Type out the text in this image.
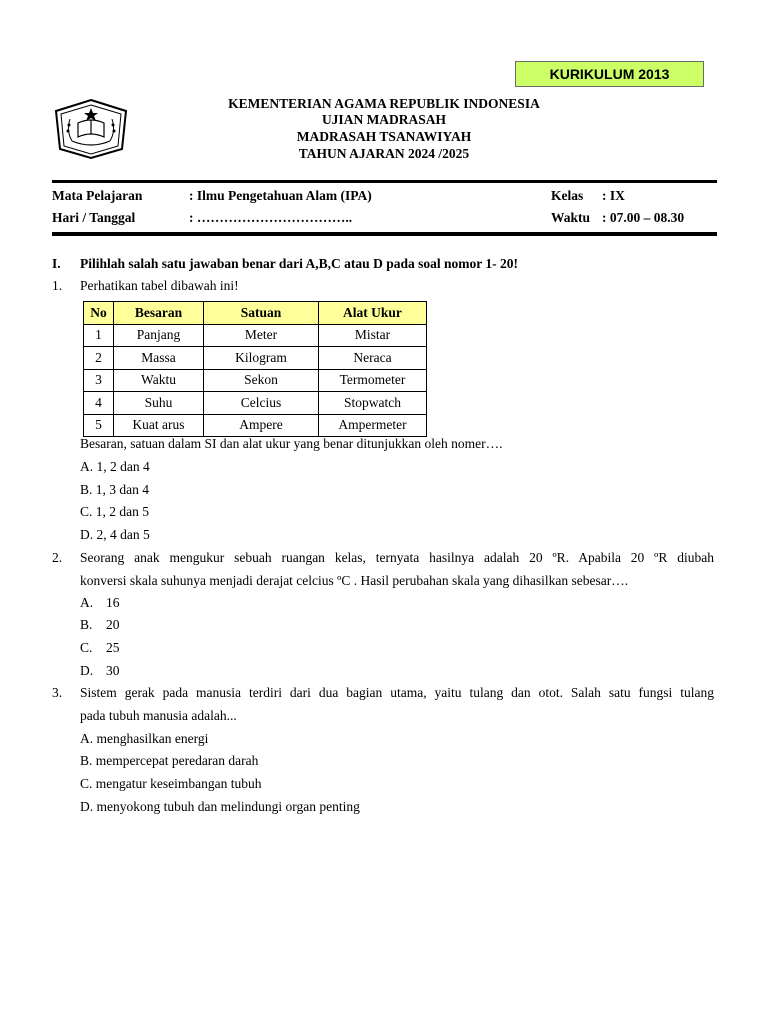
KURIKULUM 2013
KEMENTERIAN AGAMA REPUBLIK INDONESIA
UJIAN MADRASAH
MADRASAH TSANAWIYAH
TAHUN AJARAN 2024 /2025
Mata Pelajaran	: Ilmu Pengetahuan Alam (IPA)	Kelas : IX
Hari / Tanggal	: ……………………………..	Waktu : 07.00 – 08.30
I. Pilihlah salah satu jawaban benar dari A,B,C atau D pada soal nomor 1- 20!
1. Perhatikan tabel dibawah ini!
No	Besaran	Satuan	Alat Ukur
1	Panjang	Meter	Mistar
2	Massa	Kilogram	Neraca
3	Waktu	Sekon	Termometer
4	Suhu	Celcius	Stopwatch
5	Kuat arus	Ampere	Ampermeter
Besaran, satuan dalam SI dan alat ukur yang benar ditunjukkan oleh nomer….
A. 1, 2 dan 4
B. 1, 3 dan 4
C. 1, 2 dan 5
D. 2, 4 dan 5
2. Seorang anak mengukur sebuah ruangan kelas, ternyata hasilnya adalah 20 ºR. Apabila 20 ºR diubah
konversi skala suhunya menjadi derajat celcius ºC . Hasil perubahan skala yang dihasilkan sebesar….
A. 16
B. 20
C. 25
D. 30
3. Sistem gerak pada manusia terdiri dari dua bagian utama, yaitu tulang dan otot. Salah satu fungsi tulang
pada tubuh manusia adalah...
A. menghasilkan energi
B. mempercepat peredaran darah
C. mengatur keseimbangan tubuh
D. menyokong tubuh dan melindungi organ penting
